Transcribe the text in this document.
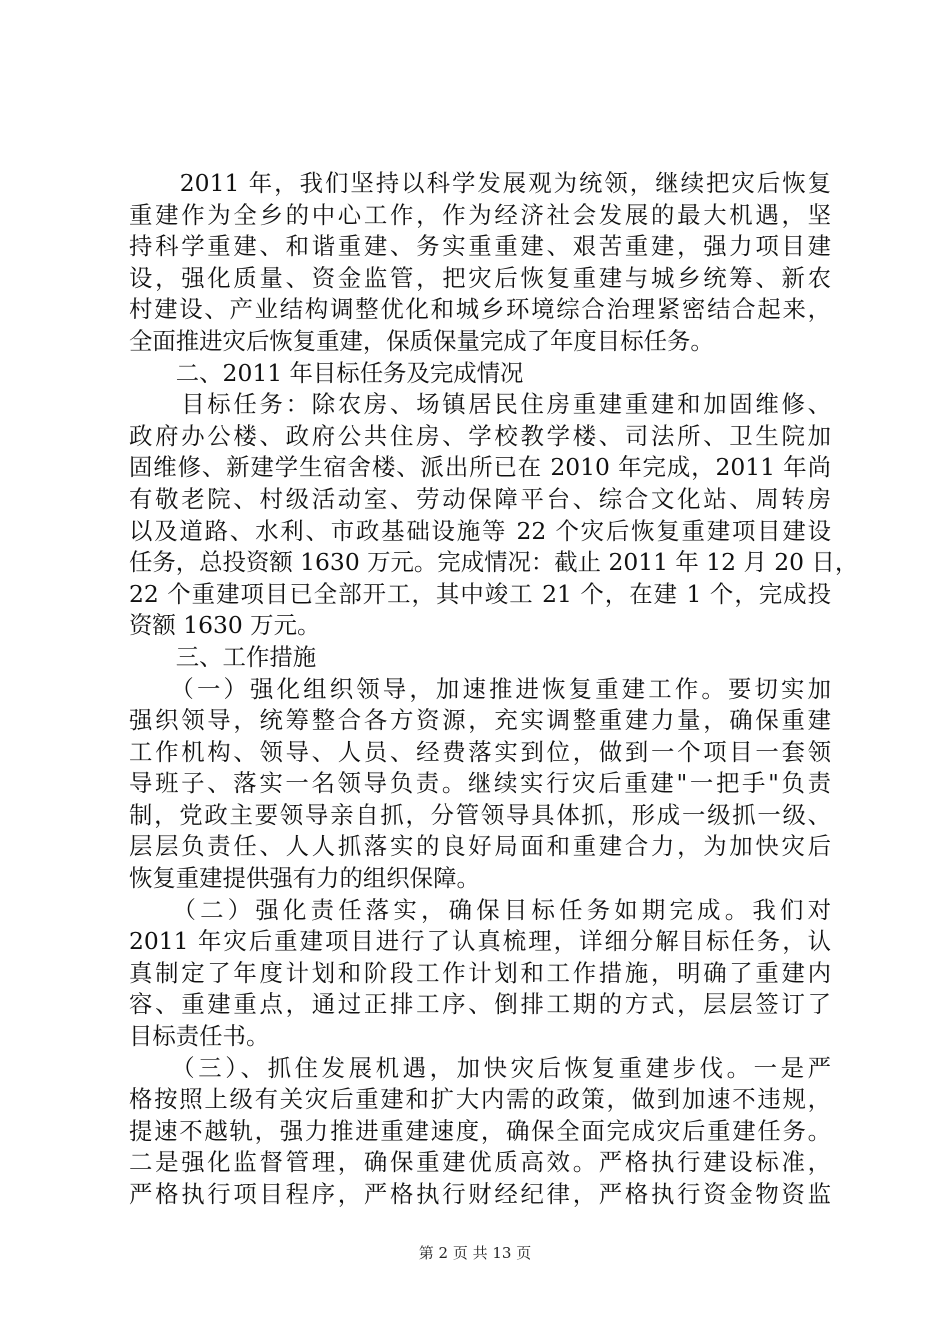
　　2011 年，我们坚持以科学发展观为统领，继续把灾后恢复
重建作为全乡的中心工作，作为经济社会发展的最大机遇，坚
持科学重建、和谐重建、务实重重建、艰苦重建，强力项目建
设，强化质量、资金监管，把灾后恢复重建与城乡统筹、新农
村建设、产业结构调整优化和城乡环境综合治理紧密结合起来，
全面推进灾后恢复重建，保质保量完成了年度目标任务。
　　二、2011 年目标任务及完成情况
　　目标任务：除农房、场镇居民住房重建重建和加固维修、
政府办公楼、政府公共住房、学校教学楼、司法所、卫生院加
固维修、新建学生宿舍楼、派出所已在 2010 年完成，2011 年尚
有敬老院、村级活动室、劳动保障平台、综合文化站、周转房
以及道路、水利、市政基础设施等 22 个灾后恢复重建项目建设
任务，总投资额 1630 万元。完成情况：截止 2011 年 12 月 20 日，
22 个重建项目已全部开工，其中竣工 21 个，在建 1 个，完成投
资额 1630 万元。
　　三、工作措施
　　（一）强化组织领导，加速推进恢复重建工作。要切实加
强织领导，统筹整合各方资源，充实调整重建力量，确保重建
工作机构、领导、人员、经费落实到位，做到一个项目一套领
导班子、落实一名领导负责。继续实行灾后重建"一把手"负责
制，党政主要领导亲自抓，分管领导具体抓，形成一级抓一级、
层层负责任、人人抓落实的良好局面和重建合力，为加快灾后
恢复重建提供强有力的组织保障。
　　（二）强化责任落实，确保目标任务如期完成。我们对
2011 年灾后重建项目进行了认真梳理，详细分解目标任务，认
真制定了年度计划和阶段工作计划和工作措施，明确了重建内
容、重建重点，通过正排工序、倒排工期的方式，层层签订了
目标责任书。
　　（三）、抓住发展机遇，加快灾后恢复重建步伐。一是严
格按照上级有关灾后重建和扩大内需的政策，做到加速不违规，
提速不越轨，强力推进重建速度，确保全面完成灾后重建任务。
二是强化监督管理，确保重建优质高效。严格执行建设标准，
严格执行项目程序，严格执行财经纪律，严格执行资金物资监
第 2 页 共 13 页
